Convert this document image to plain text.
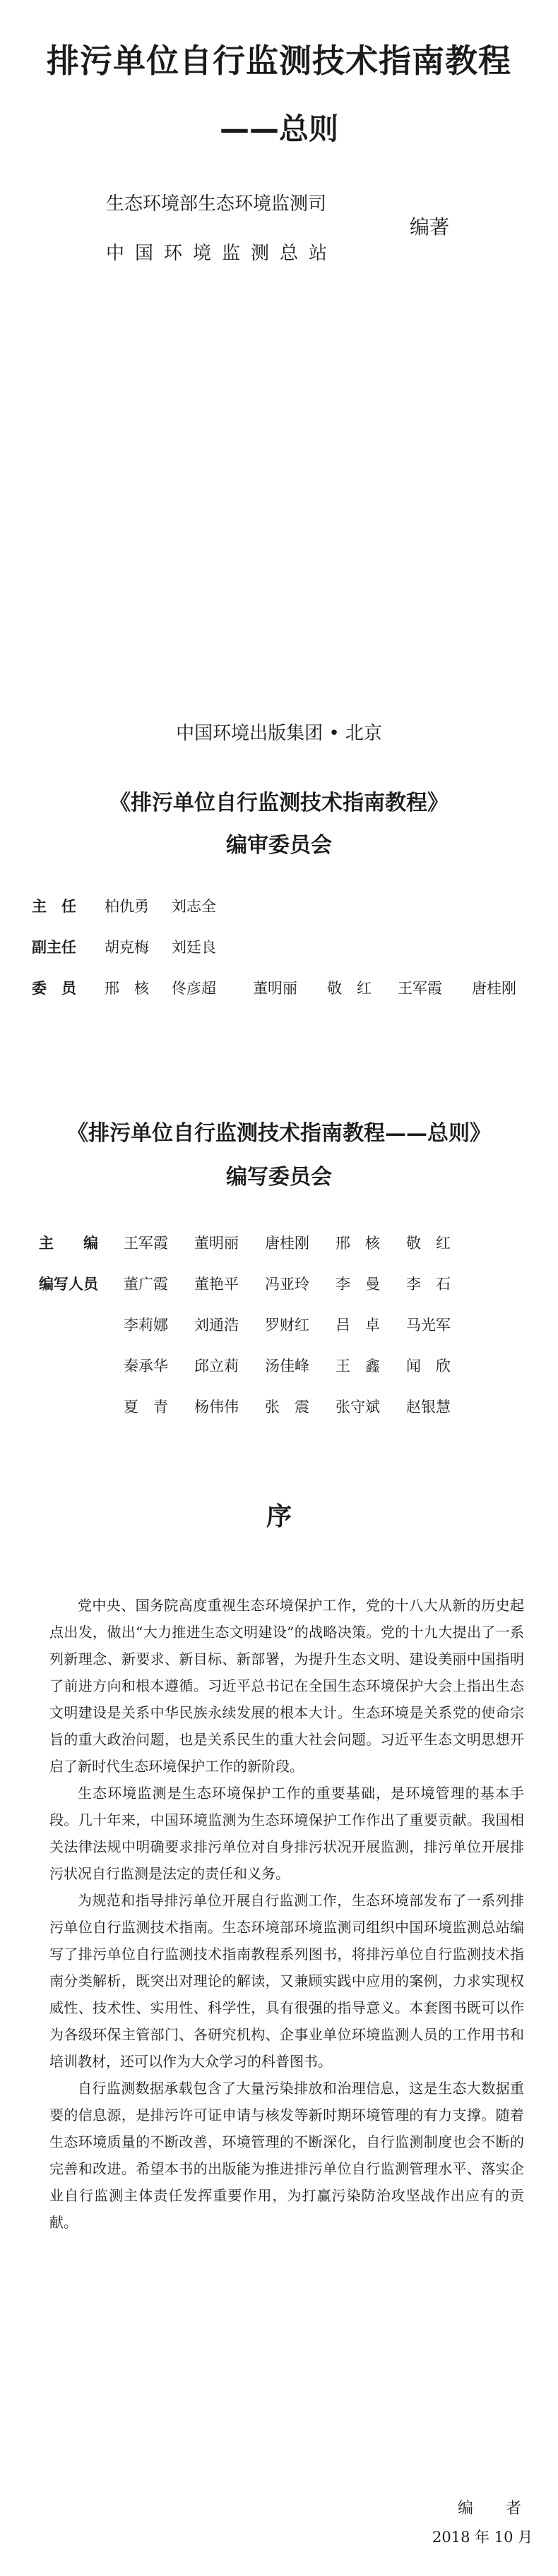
排污单位自行监测技术指南教程
——总则
生态环境部生态环境监测司
中国环境监测总站
编著
中国环境出版集团 • 北京
《排污单位自行监测技术指南教程》
编审委员会
主　任 柏仇勇 刘志全
副主任 胡克梅 刘廷良
委　员 邢　核 佟彦超 董明丽 敬　红 王军霞 唐桂刚
《排污单位自行监测技术指南教程——总则》
编写委员会
主　　编 王军霞 董明丽 唐桂刚 邢　核 敬　红
编写人员 董广霞 董艳平 冯亚玲 李　曼 李　石
李莉娜 刘通浩 罗财红 吕　卓 马光军
秦承华 邱立莉 汤佳峰 王　鑫 闻　欣
夏　青 杨伟伟 张　震 张守斌 赵银慧
序

党中央、国务院高度重视生态环境保护工作，党的十八大从新的历史起点出发，做出“大力推进生态文明建设”的战略决策。党的十九大提出了一系列新理念、新要求、新目标、新部署，为提升生态文明、建设美丽中国指明了前进方向和根本遵循。习近平总书记在全国生态环境保护大会上指出生态文明建设是关系中华民族永续发展的根本大计。生态环境是关系党的使命宗旨的重大政治问题，也是关系民生的重大社会问题。习近平生态文明思想开启了新时代生态环境保护工作的新阶段。

生态环境监测是生态环境保护工作的重要基础，是环境管理的基本手段。几十年来，中国环境监测为生态环境保护工作作出了重要贡献。我国相关法律法规中明确要求排污单位对自身排污状况开展监测，排污单位开展排污状况自行监测是法定的责任和义务。

为规范和指导排污单位开展自行监测工作，生态环境部发布了一系列排污单位自行监测技术指南。生态环境部环境监测司组织中国环境监测总站编写了排污单位自行监测技术指南教程系列图书，将排污单位自行监测技术指南分类解析，既突出对理论的解读，又兼顾实践中应用的案例，力求实现权威性、技术性、实用性、科学性，具有很强的指导意义。本套图书既可以作为各级环保主管部门、各研究机构、企事业单位环境监测人员的工作用书和培训教材，还可以作为大众学习的科普图书。

自行监测数据承载包含了大量污染排放和治理信息，这是生态大数据重要的信息源，是排污许可证申请与核发等新时期环境管理的有力支撑。随着生态环境质量的不断改善，环境管理的不断深化，自行监测制度也会不断的完善和改进。希望本书的出版能为推进排污单位自行监测管理水平、落实企业自行监测主体责任发挥重要作用，为打赢污染防治攻坚战作出应有的贡献。

编　者
2018 年 10 月
